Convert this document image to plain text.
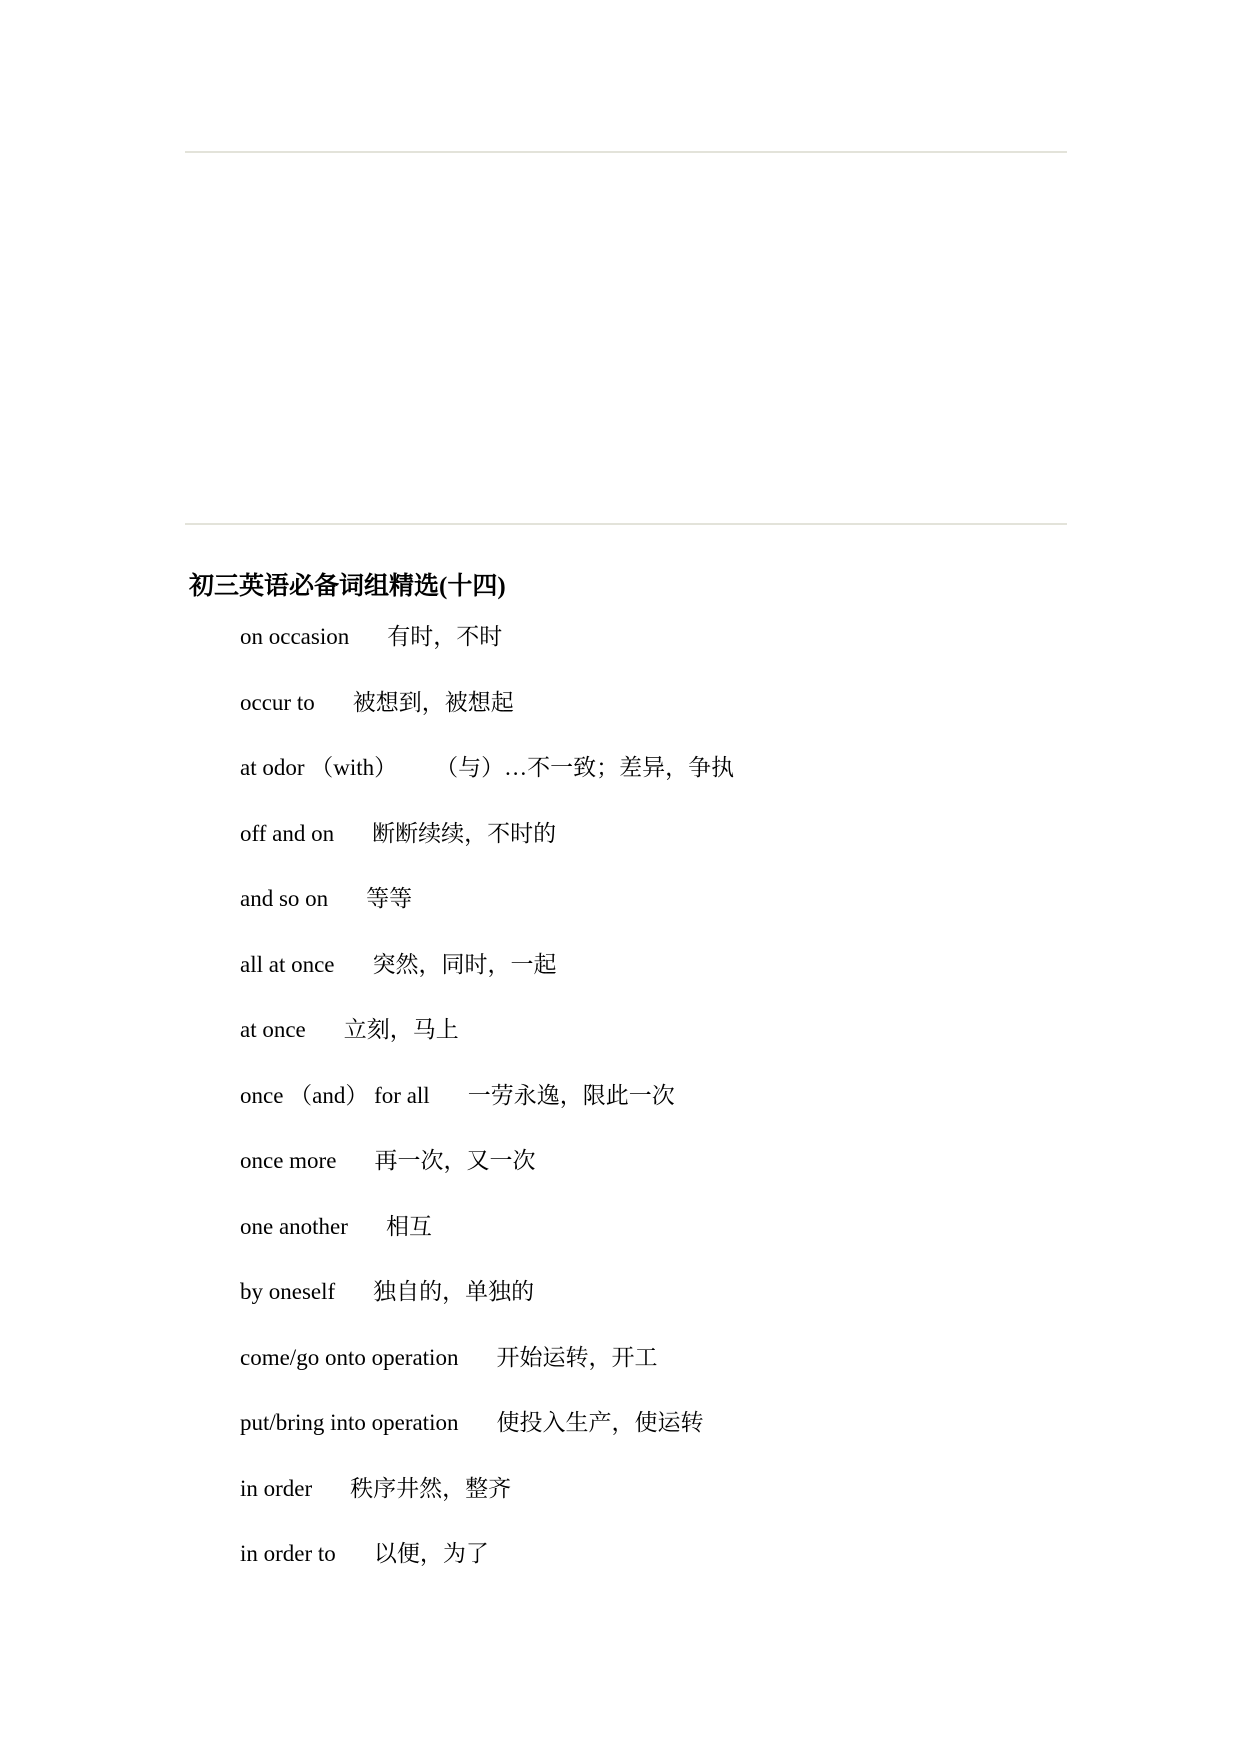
初三英语必备词组精选(十四)
on occasion 有时，不时
occur to 被想到，被想起
at odor （with） （与）…不一致；差异，争执
off and on 断断续续，不时的
and so on 等等
all at once 突然，同时，一起
at once 立刻，马上
once （and） for all 一劳永逸，限此一次
once more 再一次，又一次
one another 相互
by oneself 独自的，单独的
come/go onto operation 开始运转，开工
put/bring into operation 使投入生产，使运转
in order 秩序井然，整齐
in order to 以便，为了
